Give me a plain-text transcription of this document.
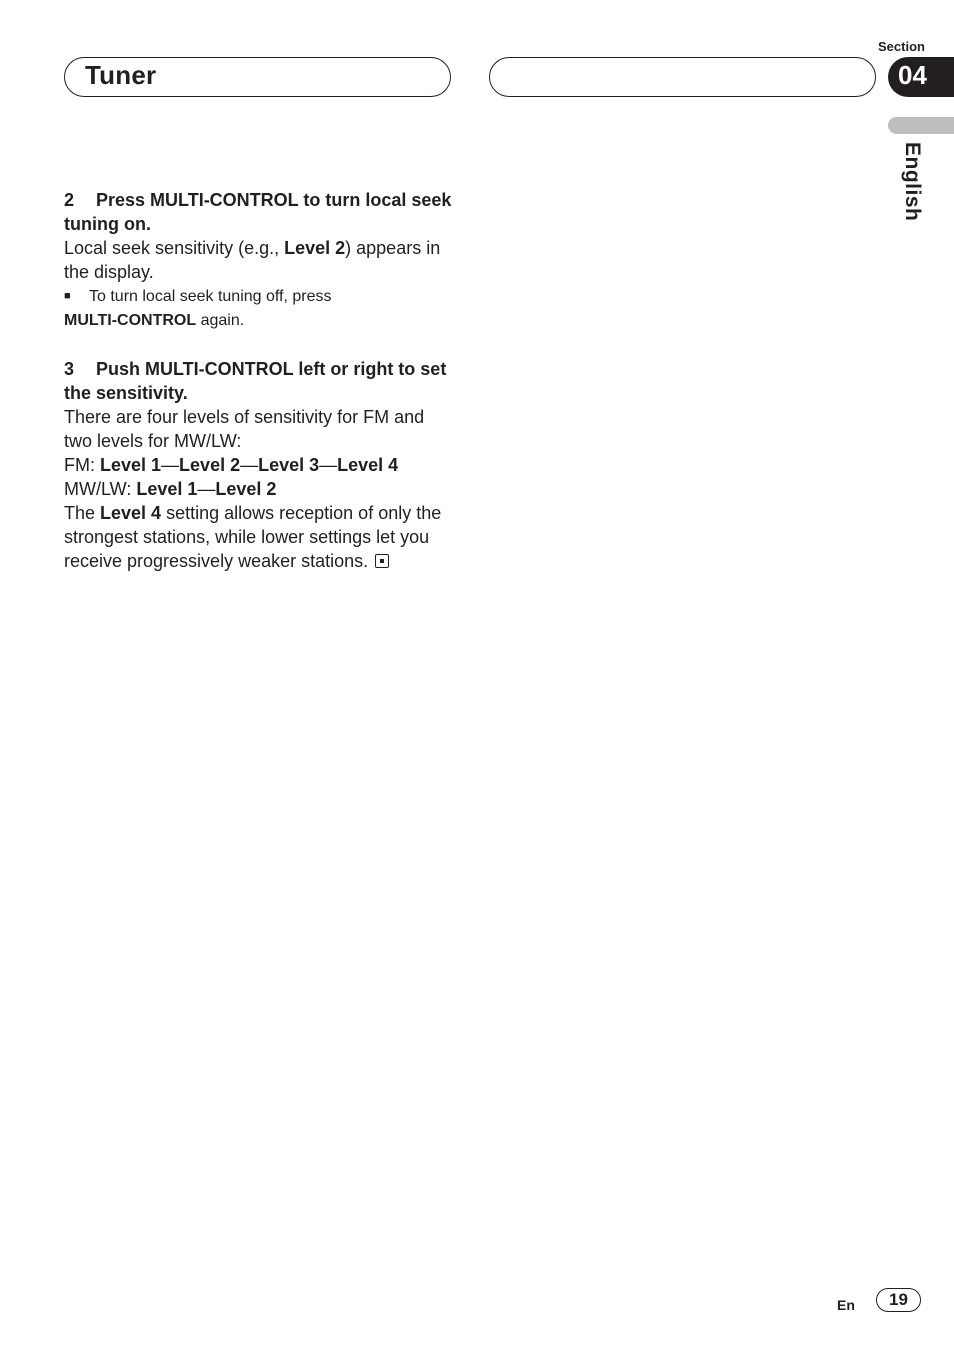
Tuner
Section
04
English

2 Press MULTI-CONTROL to turn local seek tuning on.

Local seek sensitivity (e.g., Level 2) appears in the display.

■ To turn local seek tuning off, press
MULTI-CONTROL again.

3 Push MULTI-CONTROL left or right to set the sensitivity.

There are four levels of sensitivity for FM and two levels for MW/LW:

FM: Level 1—Level 2—Level 3—Level 4

MW/LW: Level 1—Level 2

The Level 4 setting allows reception of only the strongest stations, while lower settings let you receive progressively weaker stations.

En	19
